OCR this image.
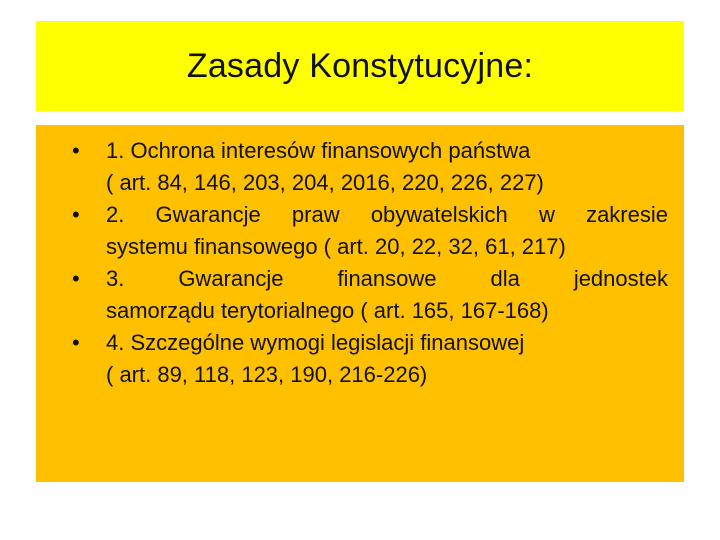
Zasady Konstytucyjne:
•	1. Ochrona interesów finansowych państwa
( art. 84, 146, 203, 204, 2016, 220, 226, 227)
•	2. Gwarancje praw obywatelskich w zakresie
systemu finansowego ( art. 20, 22, 32, 61, 217)
•	3. Gwarancje finansowe dla jednostek
samorządu terytorialnego ( art. 165, 167-168)
•	4. Szczególne wymogi legislacji finansowej
( art. 89, 118, 123, 190, 216-226)
